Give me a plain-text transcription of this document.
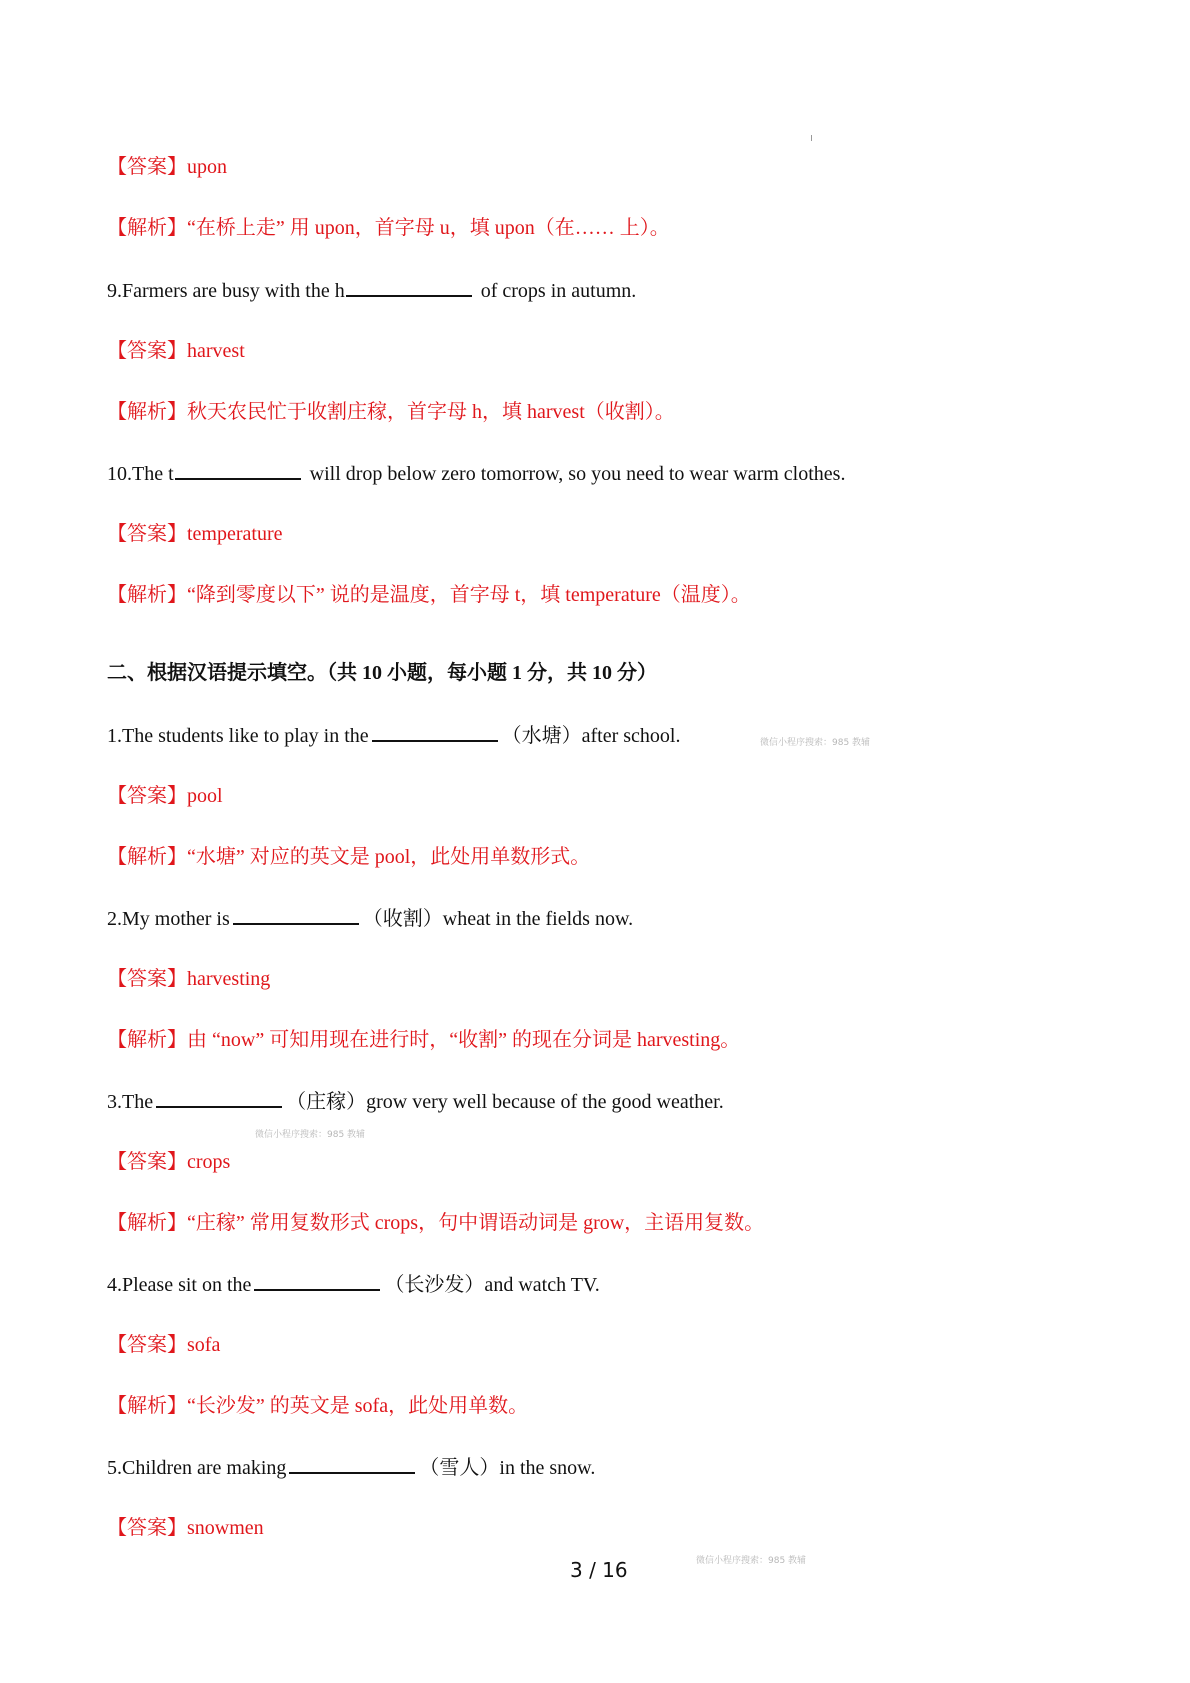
【答案】upon
【解析】“在桥上走” 用 upon，首字母 u，填 upon（在…… 上）。
9.Farmers are busy with the h	of crops in autumn.
【答案】harvest
【解析】秋天农民忙于收割庄稼，首字母 h，填 harvest（收割）。
10.The t	will drop below zero tomorrow, so you need to wear warm clothes.
【答案】temperature
【解析】“降到零度以下” 说的是温度，首字母 t，填 temperature（温度）。
二、根据汉语提示填空。（共 10 小题，每小题 1 分，共 10 分）
1.The students like to play in the	（水塘）after school.	微信小程序搜索：985 教辅
【答案】pool
【解析】“水塘” 对应的英文是 pool，此处用单数形式。
2.My mother is	（收割）wheat in the fields now.
【答案】harvesting
【解析】由 “now” 可知用现在进行时，“收割” 的现在分词是 harvesting。
3.The	（庄稼）grow very well because of the good weather.
微信小程序搜索：985 教辅
【答案】crops
【解析】“庄稼” 常用复数形式 crops，句中谓语动词是 grow，主语用复数。
4.Please sit on the	（长沙发）and watch TV.
【答案】sofa
【解析】“长沙发” 的英文是 sofa，此处用单数。
5.Children are making	（雪人）in the snow.
【答案】snowmen
3 / 16	微信小程序搜索：985 教辅
